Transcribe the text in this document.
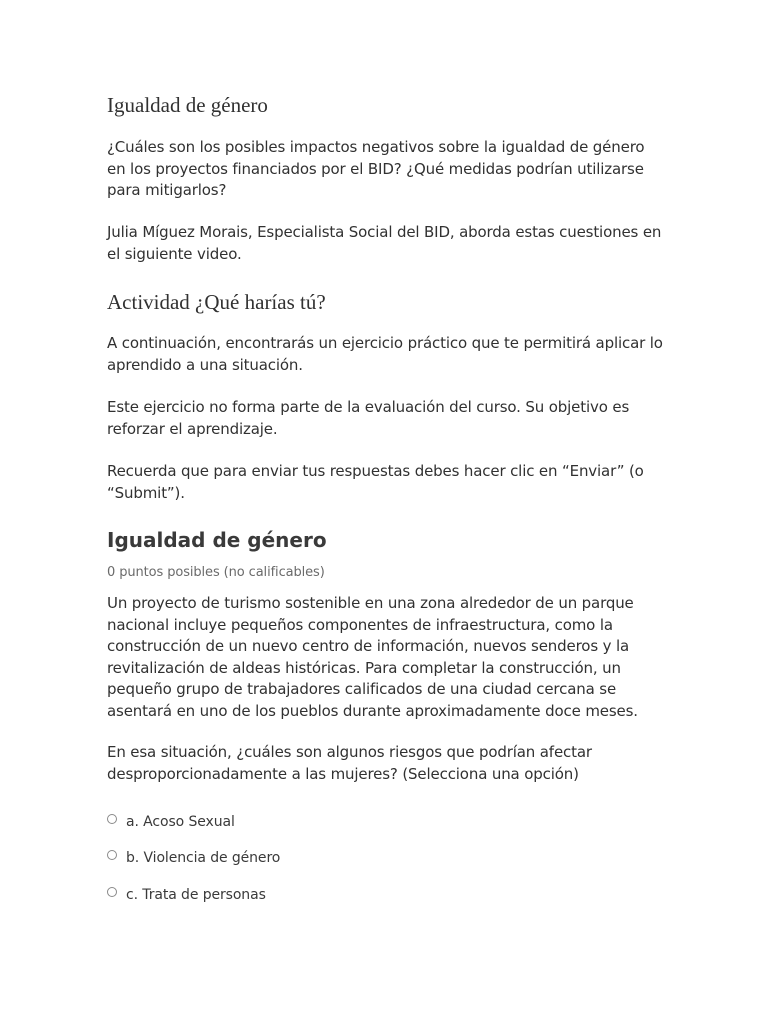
Igualdad de género

¿Cuáles son los posibles impactos negativos sobre la igualdad de género en los proyectos financiados por el BID? ¿Qué medidas podrían utilizarse para mitigarlos?

Julia Míguez Morais, Especialista Social del BID, aborda estas cuestiones en el siguiente video.

Actividad ¿Qué harías tú?

A continuación, encontrarás un ejercicio práctico que te permitirá aplicar lo aprendido a una situación.

Este ejercicio no forma parte de la evaluación del curso. Su objetivo es reforzar el aprendizaje.

Recuerda que para enviar tus respuestas debes hacer clic en “Enviar” (o “Submit”).

Igualdad de género
0 puntos posibles (no calificables)

Un proyecto de turismo sostenible en una zona alrededor de un parque nacional incluye pequeños componentes de infraestructura, como la construcción de un nuevo centro de información, nuevos senderos y la revitalización de aldeas históricas. Para completar la construcción, un pequeño grupo de trabajadores calificados de una ciudad cercana se asentará en uno de los pueblos durante aproximadamente doce meses.

En esa situación, ¿cuáles son algunos riesgos que podrían afectar desproporcionadamente a las mujeres? (Selecciona una opción)

a. Acoso Sexual
b. Violencia de género
c. Trata de personas
